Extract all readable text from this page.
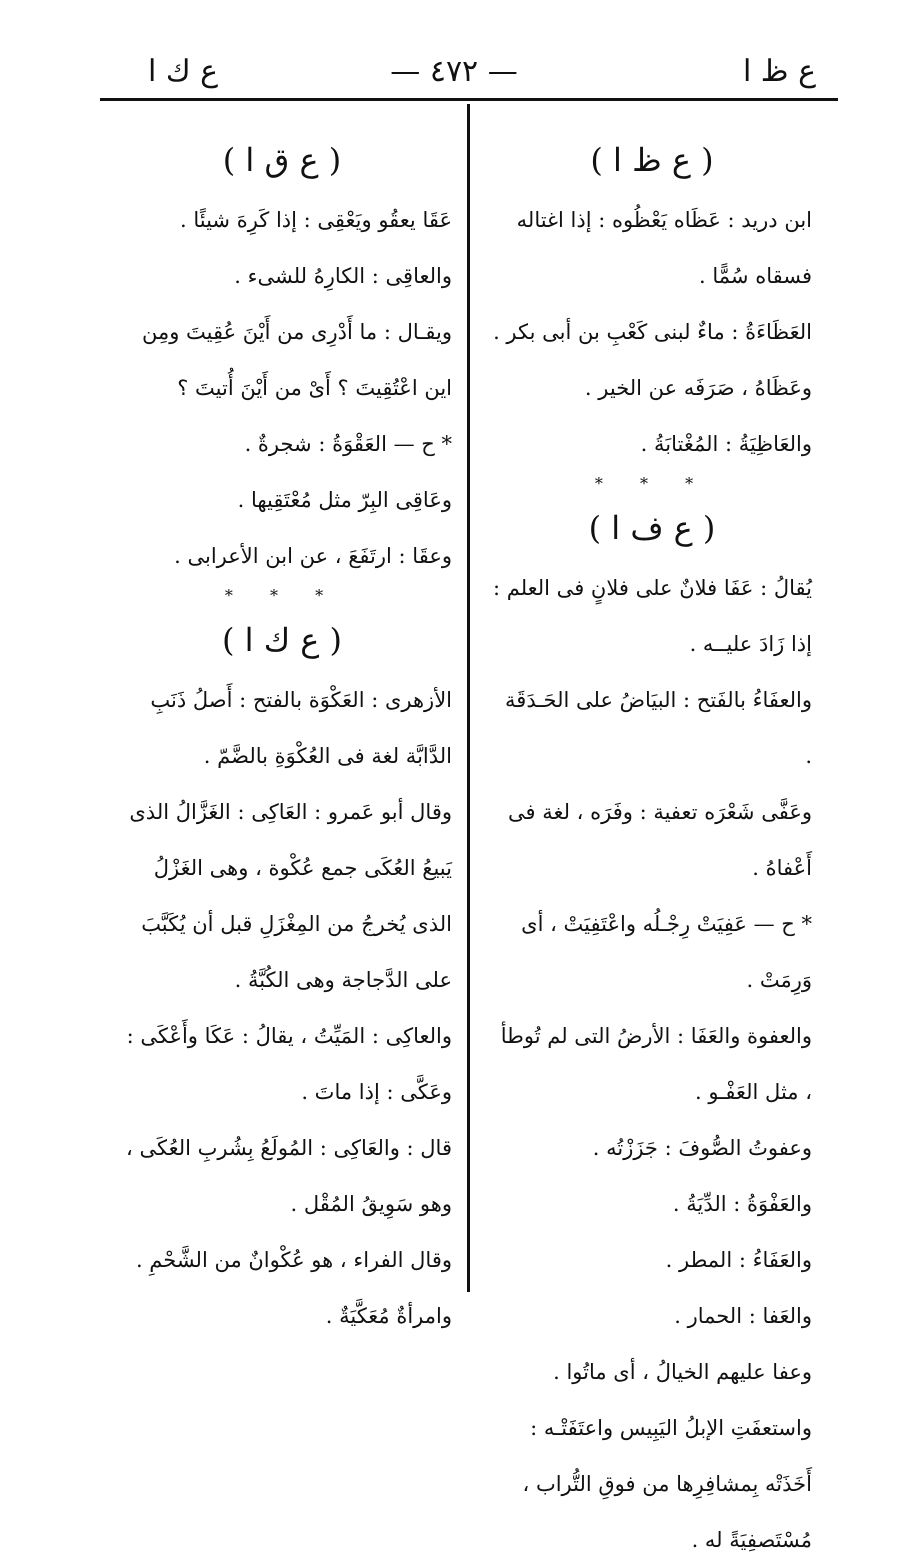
ع ظ ا
— ٤٧٢ —
ع ك ا
( ع ظ ا )

ابن دريد : عَظَاه يَعْظُوه : إذا اغتاله فسقاه سُمًّا .

العَظَاءَةُ : ماءٌ لبنى كَعْبِ بن أبى بكر .

وعَظَاهُ ، صَرَفَه عن الخير .

والعَاظِيَةُ : المُغْتابَةُ .

* * *
( ع ف ا )

يُقالُ : عَفَا فلانٌ على فلانٍ فى العلم : إذا زَادَ عليــه .

والعفَاءُ بالفَتح : البيَاضُ على الحَـدَقَة .

وعَفَّى شَعْرَه تعفية : وفَرَه ، لغة فى أَعْفاهُ .

* ح — عَفِيَتْ رِجْـلُه واعْتَفِيَتْ ، أى وَرِمَتْ .

والعفوة والعَفَا : الأرضُ التى لم تُوطأ ، مثل العَفْـو .

وعفوتُ الصُّوفَ : جَزَزْتُه .

والعَفْوَةُ : الدِّيَةُ .

والعَفَاءُ : المطر .

والعَفا : الحمار .

وعفا عليهم الخيالُ ، أى ماتُوا .

واستعفَتِ الإبلُ اليَبِيس واعتَفَتْـه : أَخَذَتْه بِمشافِرِها من فوقِ التُّراب ، مُسْتَصفِيَةً له .

( ع ق ا )

عَقَا يعقُو ويَعْقِى : إذا كَرِهَ شيئًا .

والعاقِى : الكارِهُ للشىء .

ويقـال : ما أَدْرِى من أَيْنَ عُقِيتَ ومِن اين اعْتُقِيتَ ؟ أَىْ من أَيْنَ أُتيتَ ؟

* ح — العَقْوَةُ : شجرةٌ .

وعَاقِى البِرّ مثل مُعْتَقِيها .

وعقَا : ارتَفَعَ ، عن ابن الأعرابى .

* * *
( ع ك ا )

الأزهرى : العَكْوَة بالفتح : أَصلُ ذَنَبِ الدَّابَّة لغة فى العُكْوَةِ بالضَّمّ .

وقال أبو عَمرو : العَاكِى : الغَزَّالُ الذى يَبيعُ العُكَى جمع عُكْوة ، وهى الغَزْلُ الذى يُخرجُ من المِغْزَلِ قبل أن يُكَبَّبَ على الدَّجاجة وهى الكُبَّةُ .

والعاكِى : المَيِّتُ ، يقالُ : عَكَا وأَعْكَى : وعَكَّى : إذا ماتَ .

قال : والعَاكِى : المُولَعُ بِشُربِ العُكَى ، وهو سَوِيقُ المُقْل .

وقال الفراء ، هو عُكْوانٌ من الشَّحْمِ .

وامرأةٌ مُعَكَّيَةٌ .
